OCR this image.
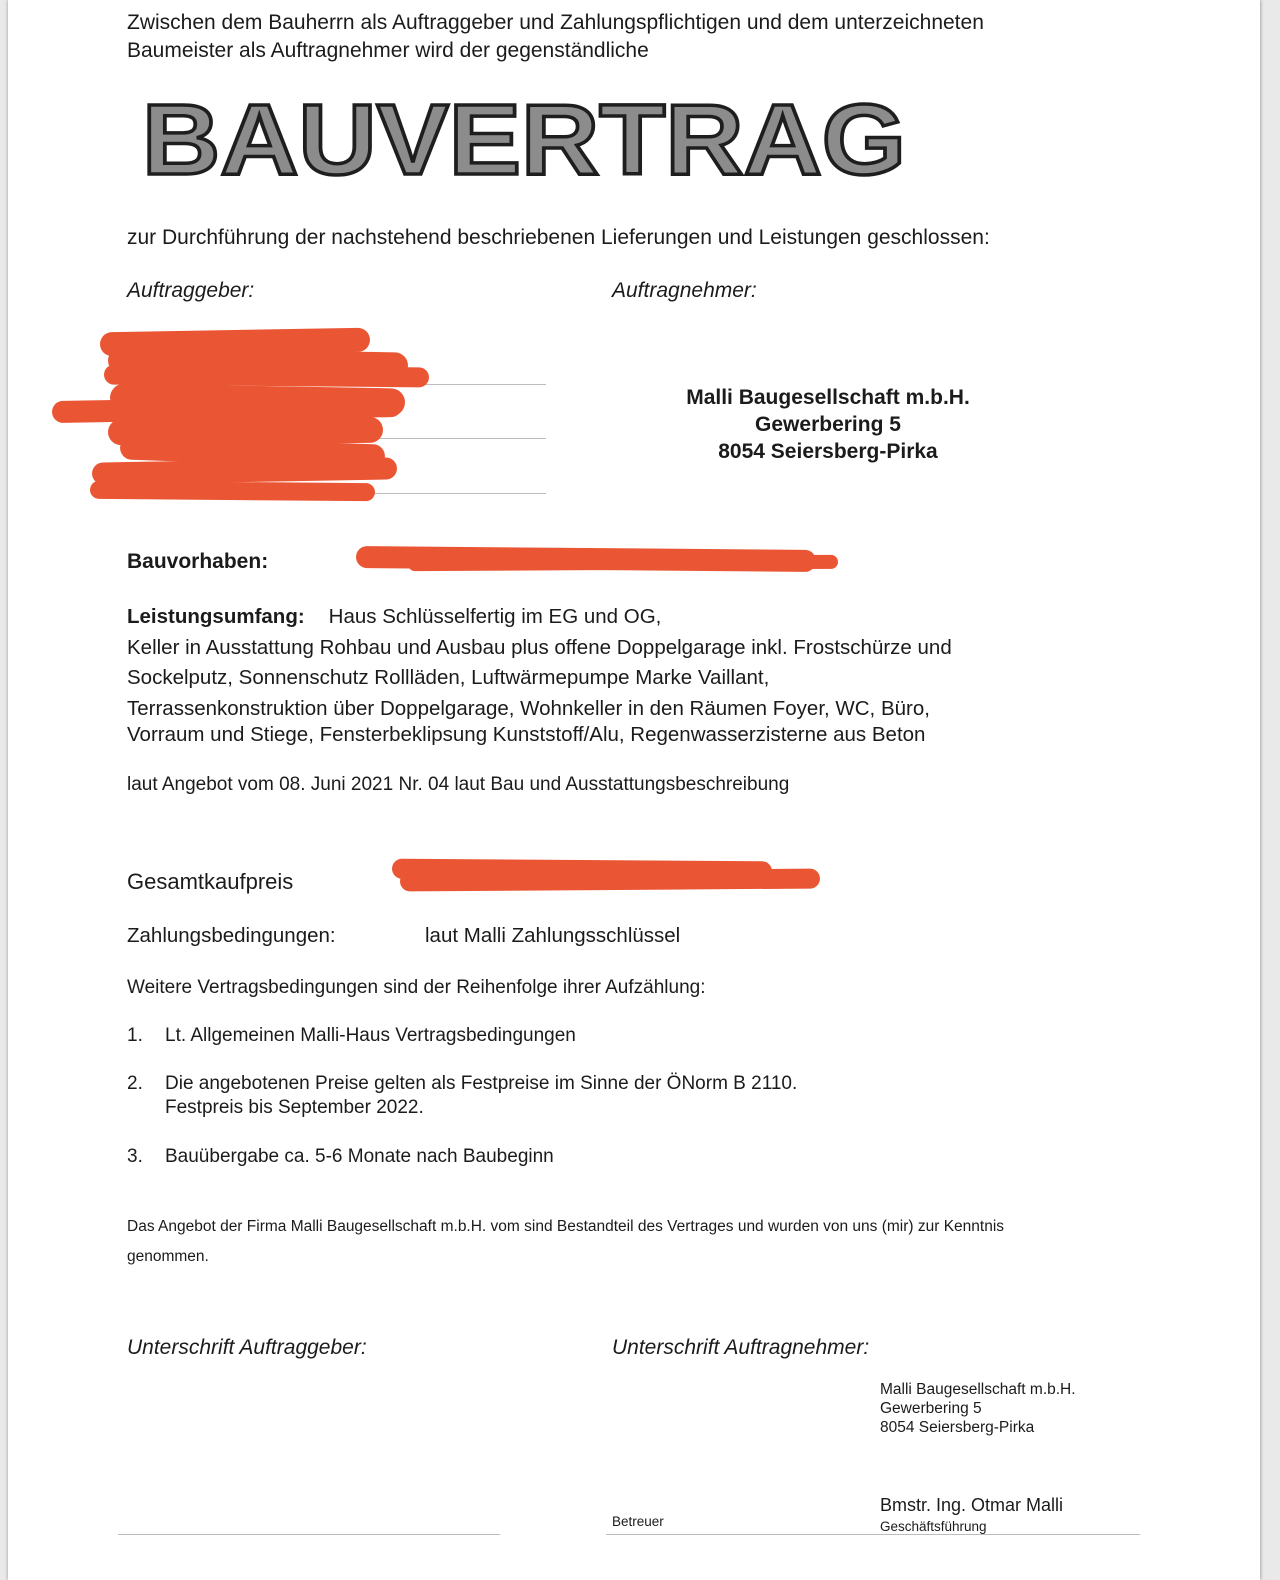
Zwischen dem Bauherrn als Auftraggeber und Zahlungspflichtigen und dem unterzeichneten
Baumeister als Auftragnehmer wird der gegenständliche
BAUVERTRAG
zur Durchführung der nachstehend beschriebenen Lieferungen und Leistungen geschlossen:
Auftraggeber:	Auftragnehmer:
Malli Baugesellschaft m.b.H.
Gewerbering 5
8054 Seiersberg-Pirka
Bauvorhaben:
Leistungsumfang: Haus Schlüsselfertig im EG und OG,
Keller in Ausstattung Rohbau und Ausbau plus offene Doppelgarage inkl. Frostschürze und
Sockelputz, Sonnenschutz Rollläden, Luftwärmepumpe Marke Vaillant,
Terrassenkonstruktion über Doppelgarage, Wohnkeller in den Räumen Foyer, WC, Büro,
Vorraum und Stiege, Fensterbeklipsung Kunststoff/Alu, Regenwasserzisterne aus Beton
laut Angebot vom 08. Juni 2021 Nr. 04 laut Bau und Ausstattungsbeschreibung
Gesamtkaufpreis
Zahlungsbedingungen:	laut Malli Zahlungsschlüssel
Weitere Vertragsbedingungen sind der Reihenfolge ihrer Aufzählung:
1. Lt. Allgemeinen Malli-Haus Vertragsbedingungen
2. Die angebotenen Preise gelten als Festpreise im Sinne der ÖNorm B 2110.
Festpreis bis September 2022.
3. Bauübergabe ca. 5-6 Monate nach Baubeginn
Das Angebot der Firma Malli Baugesellschaft m.b.H. vom sind Bestandteil des Vertrages und wurden von uns (mir) zur Kenntnis
genommen.
Unterschrift Auftraggeber:	Unterschrift Auftragnehmer:
Malli Baugesellschaft m.b.H.
Gewerbering 5
8054 Seiersberg-Pirka
Betreuer
Bmstr. Ing. Otmar Malli
Geschäftsführung
